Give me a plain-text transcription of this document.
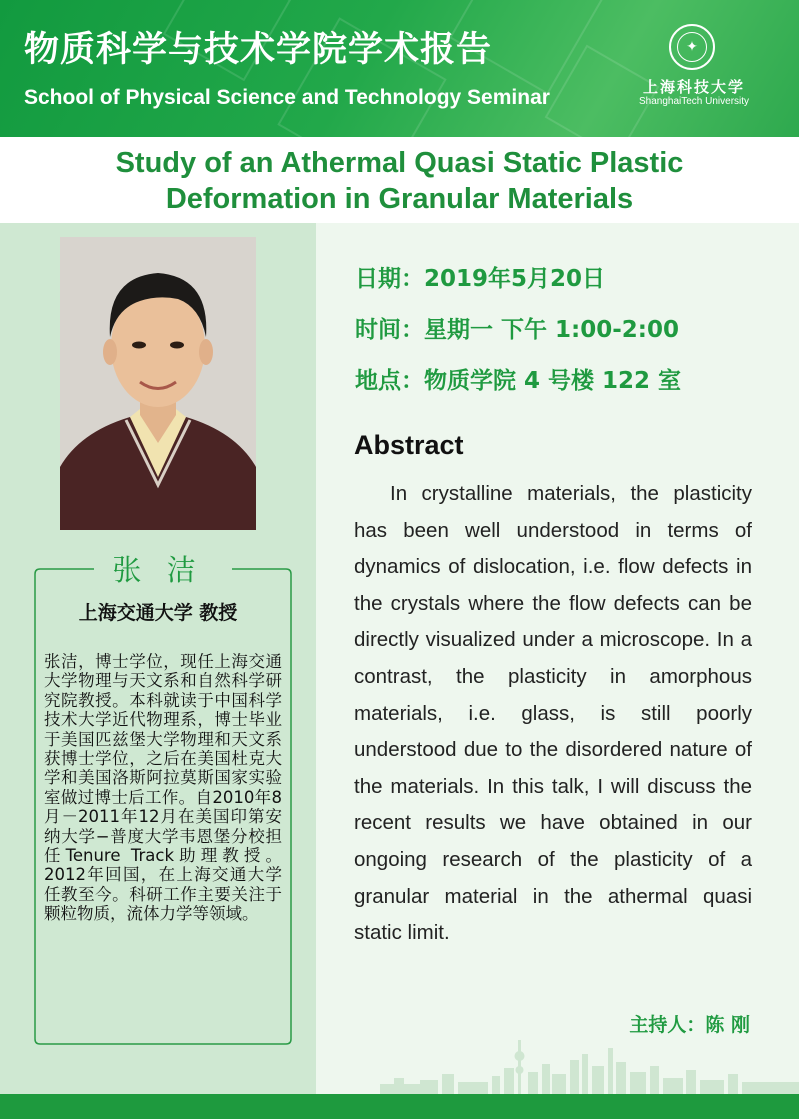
物质科学与技术学院学术报告
School of Physical Science and Technology Seminar
✦
上海科技大学
ShanghaiTech University
Study of an Athermal Quasi Static Plastic
Deformation in Granular Materials
张 洁
上海交通大学 教授

张洁，博士学位，现任上海交通大学物理与天文系和自然科学研究院教授。本科就读于中国科学技术大学近代物理系，博士毕业于美国匹兹堡大学物理和天文系获博士学位，之后在美国杜克大学和美国洛斯阿拉莫斯国家实验室做过博士后工作。自2010年8月－2011年12月在美国印第安纳大学−普度大学韦恩堡分校担任Tenure Track助理教授。2012年回国，在上海交通大学任教至今。科研工作主要关注于颗粒物质，流体力学等领域。

日期：2019年5月20日
时间：星期一 下午 1:00-2:00
地点：物质学院 4 号楼 122 室
Abstract

In crystalline materials, the plasticity has been well understood in terms of dynamics of dislocation, i.e. flow defects in the crystals where the flow defects can be directly visualized under a microscope. In a contrast, the plasticity in amorphous materials, i.e. glass, is still poorly understood due to the disordered nature of the materials. In this talk, I will discuss the recent results we have obtained in our ongoing research of the plasticity of a granular material in the athermal quasi static limit.

主持人：陈 刚
